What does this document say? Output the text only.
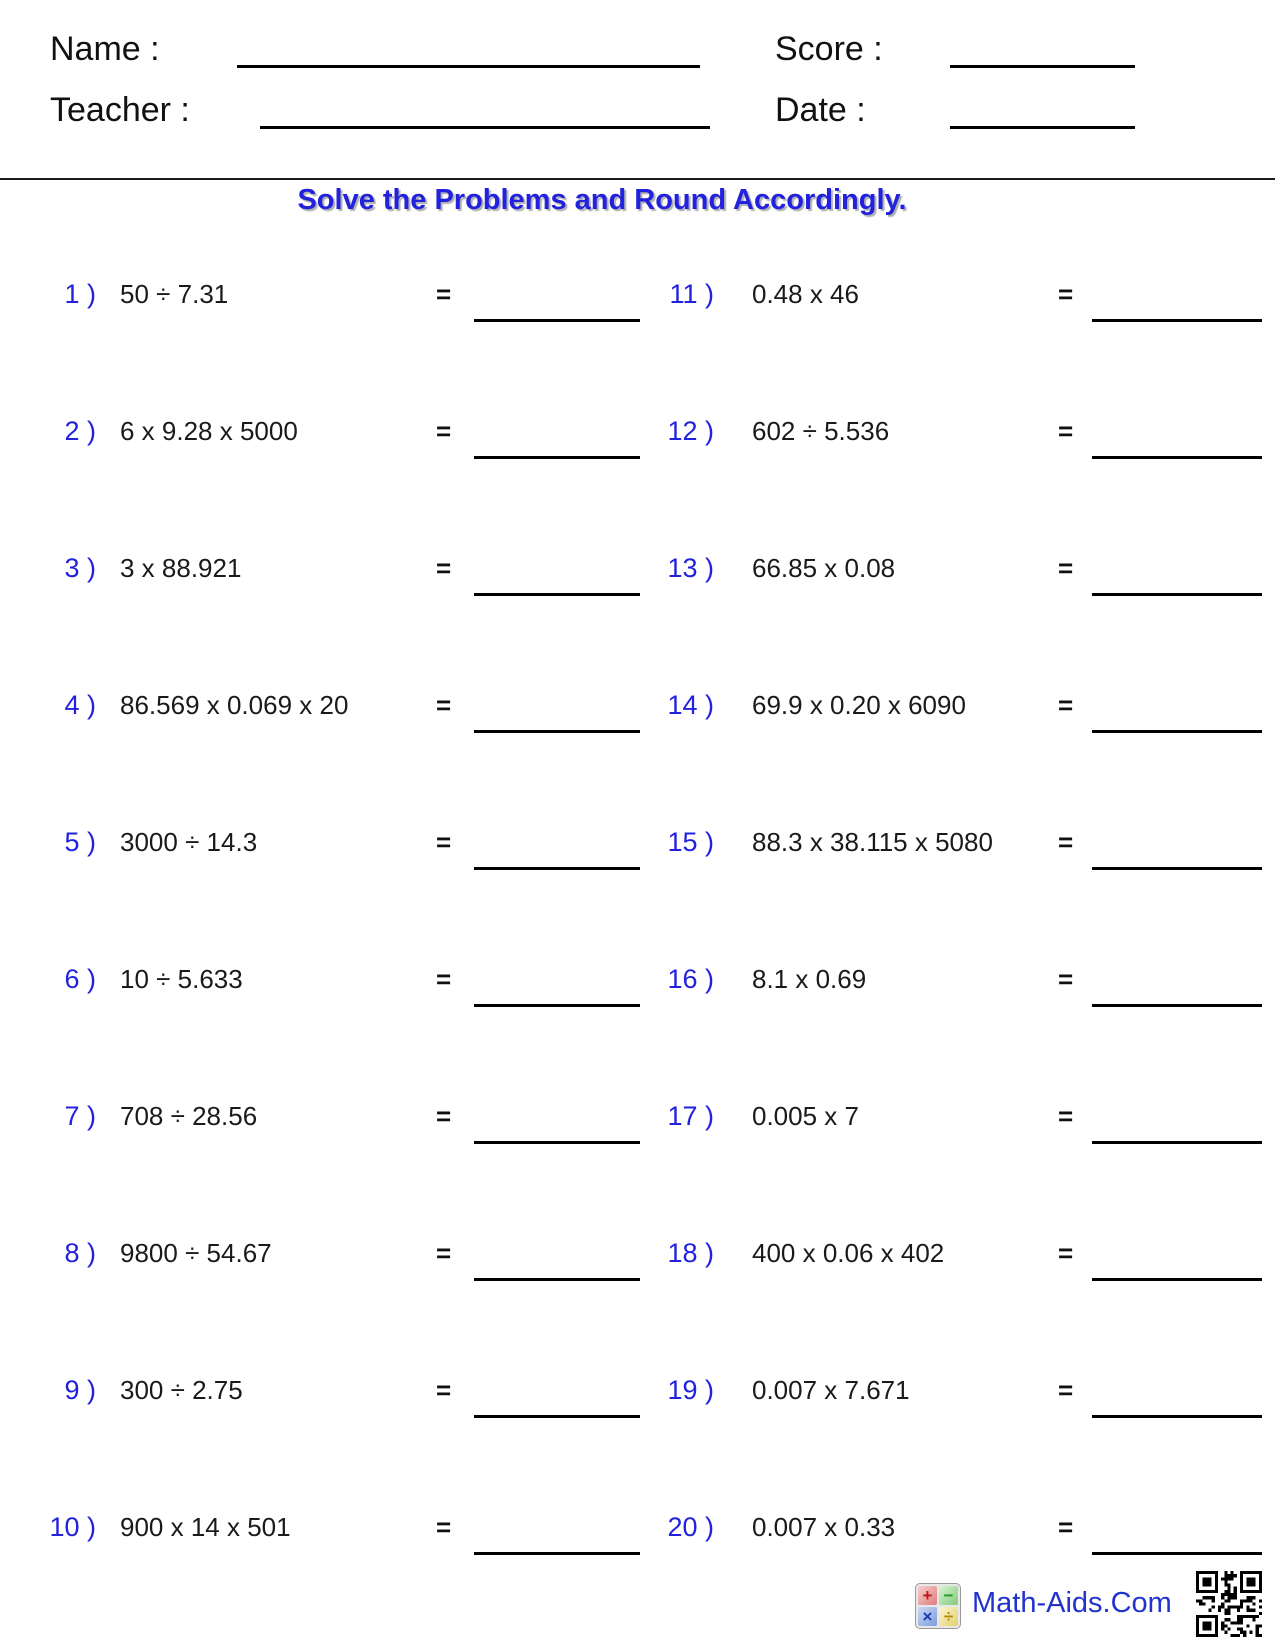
Name :	Score :
Teacher :	Date :
Solve the Problems and Round Accordingly.
1 ) 50 ÷ 7.31	=
2 ) 6 x 9.28 x 5000	=
3 ) 3 x 88.921	=
4 ) 86.569 x 0.069 x 20	=
5 ) 3000 ÷ 14.3	=
6 ) 10 ÷ 5.633	=
7 ) 708 ÷ 28.56	=
8 ) 9800 ÷ 54.67	=
9 ) 300 ÷ 2.75	=
10 ) 900 x 14 x 501	=
11 ) 0.48 x 46	=
12 ) 602 ÷ 5.536	=
13 ) 66.85 x 0.08	=
14 ) 69.9 x 0.20 x 6090	=
15 ) 88.3 x 38.115 x 5080	=
16 ) 8.1 x 0.69	=
17 ) 0.005 x 7	=
18 ) 400 x 0.06 x 402	=
19 ) 0.007 x 7.671	=
20 ) 0.007 x 0.33	=
+ −
× ÷ Math-Aids.Com
